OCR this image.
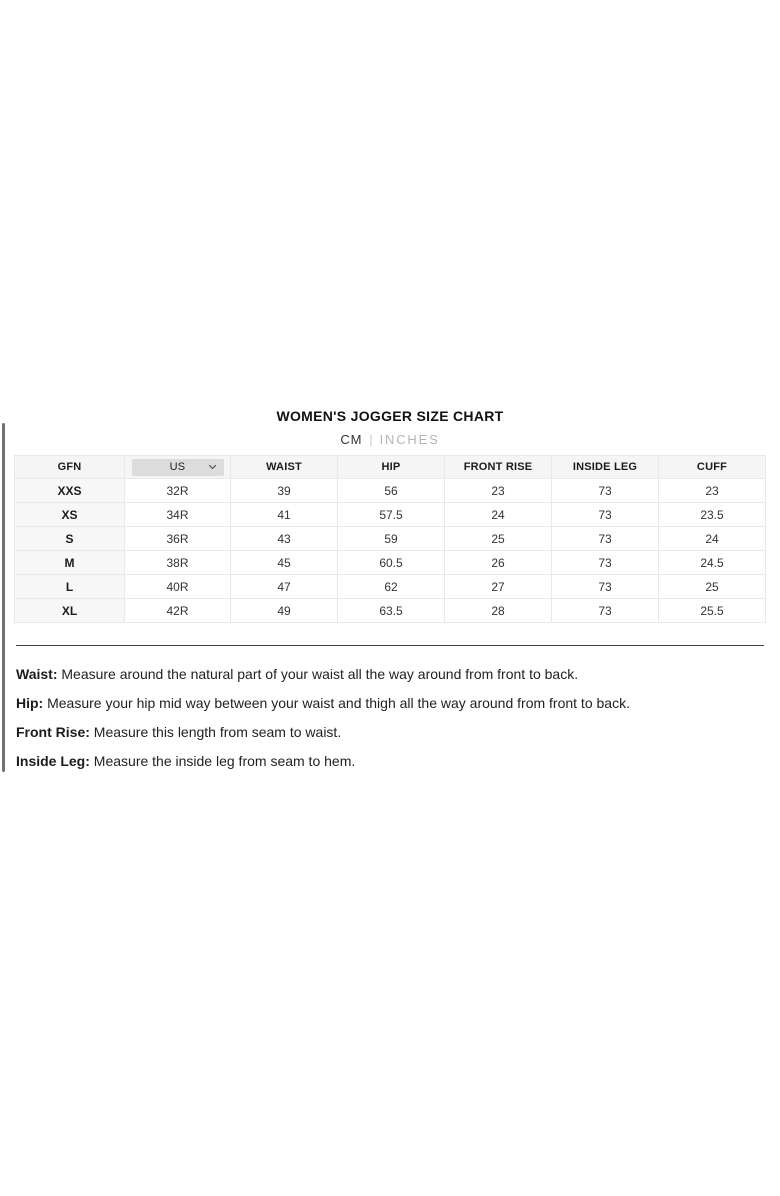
WOMEN'S JOGGER SIZE CHART
CM | INCHES
GFN	US	WAIST	HIP	FRONT RISE	INSIDE LEG	CUFF
XXS	32R	39	56	23	73	23
XS	34R	41	57.5	24	73	23.5
S	36R	43	59	25	73	24
M	38R	45	60.5	26	73	24.5
L	40R	47	62	27	73	25
XL	42R	49	63.5	28	73	25.5

Waist: Measure around the natural part of your waist all the way around from front to back.

Hip: Measure your hip mid way between your waist and thigh all the way around from front to back.

Front Rise: Measure this length from seam to waist.

Inside Leg: Measure the inside leg from seam to hem.
